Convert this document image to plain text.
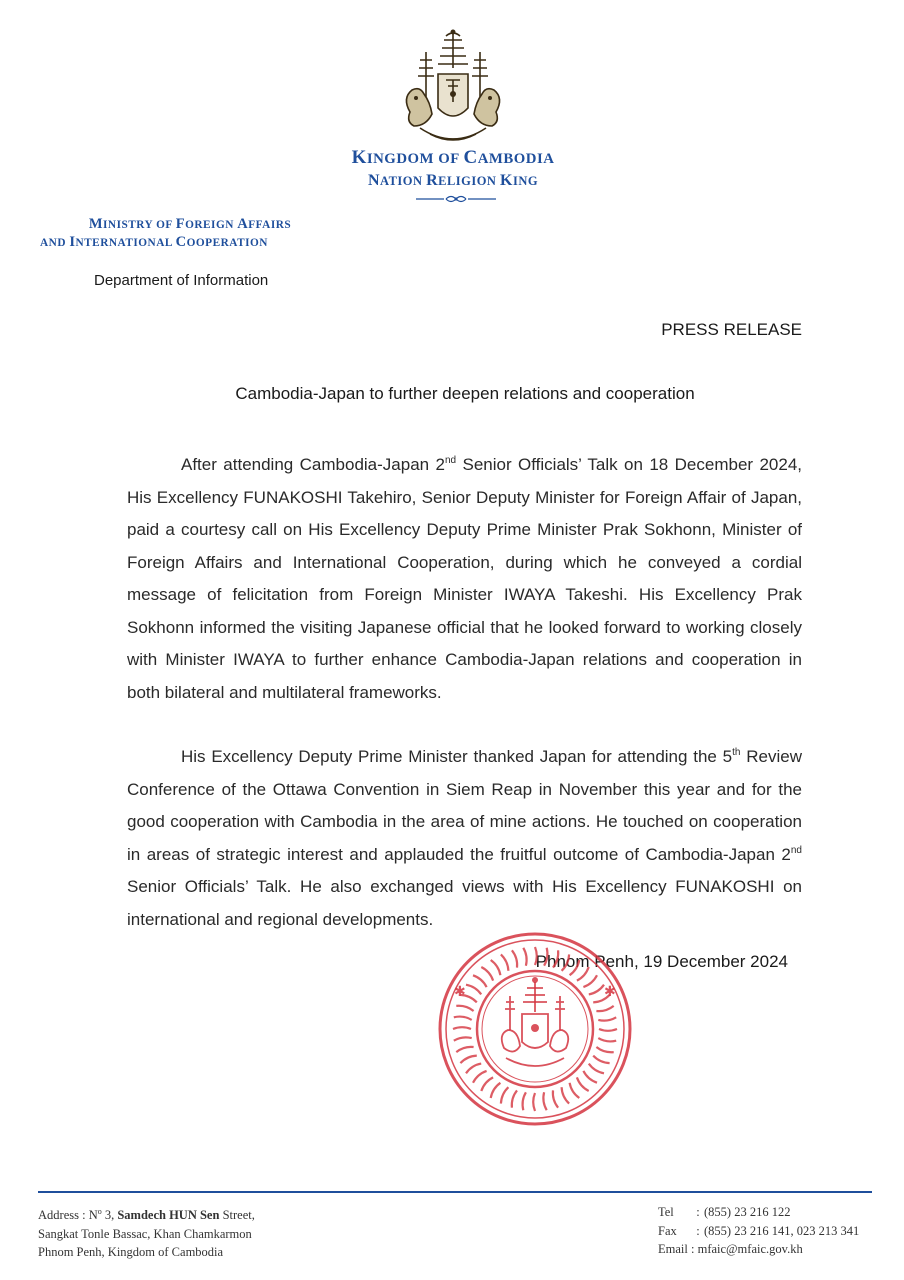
KINGDOM OF CAMBODIA
NATION RELIGION KING
MINISTRY OF FOREIGN AFFAIRS
AND INTERNATIONAL COOPERATION
Department of Information
PRESS RELEASE
Cambodia-Japan to further deepen relations and cooperation
After attending Cambodia-Japan 2nd Senior Officials’ Talk on 18 December 2024, His Excellency FUNAKOSHI Takehiro, Senior Deputy Minister for Foreign Affair of Japan, paid a courtesy call on His Excellency Deputy Prime Minister Prak Sokhonn, Minister of Foreign Affairs and International Cooperation, during which he conveyed a cordial message of felicitation from Foreign Minister IWAYA Takeshi. His Excellency Prak Sokhonn informed the visiting Japanese official that he looked forward to working closely with Minister IWAYA to further enhance Cambodia-Japan relations and cooperation in both bilateral and multilateral frameworks.
His Excellency Deputy Prime Minister thanked Japan for attending the 5th Review Conference of the Ottawa Convention in Siem Reap in November this year and for the good cooperation with Cambodia in the area of mine actions. He touched on cooperation in areas of strategic interest and applauded the fruitful outcome of Cambodia-Japan 2nd Senior Officials’ Talk. He also exchanged views with His Excellency FUNAKOSHI on international and regional developments.
Phnom Penh, 19 December 2024
✱	✱
Address : $N^o$ 3, Samdech HUN Sen Street,
Sangkat Tonle Bassac, Khan Chamkarmon
Phnom Penh, Kingdom of Cambodia
Tel : (855) 23 216 122
Fax : (855) 23 216 141, 023 213 341
Email : mfaic@mfaic.gov.kh
